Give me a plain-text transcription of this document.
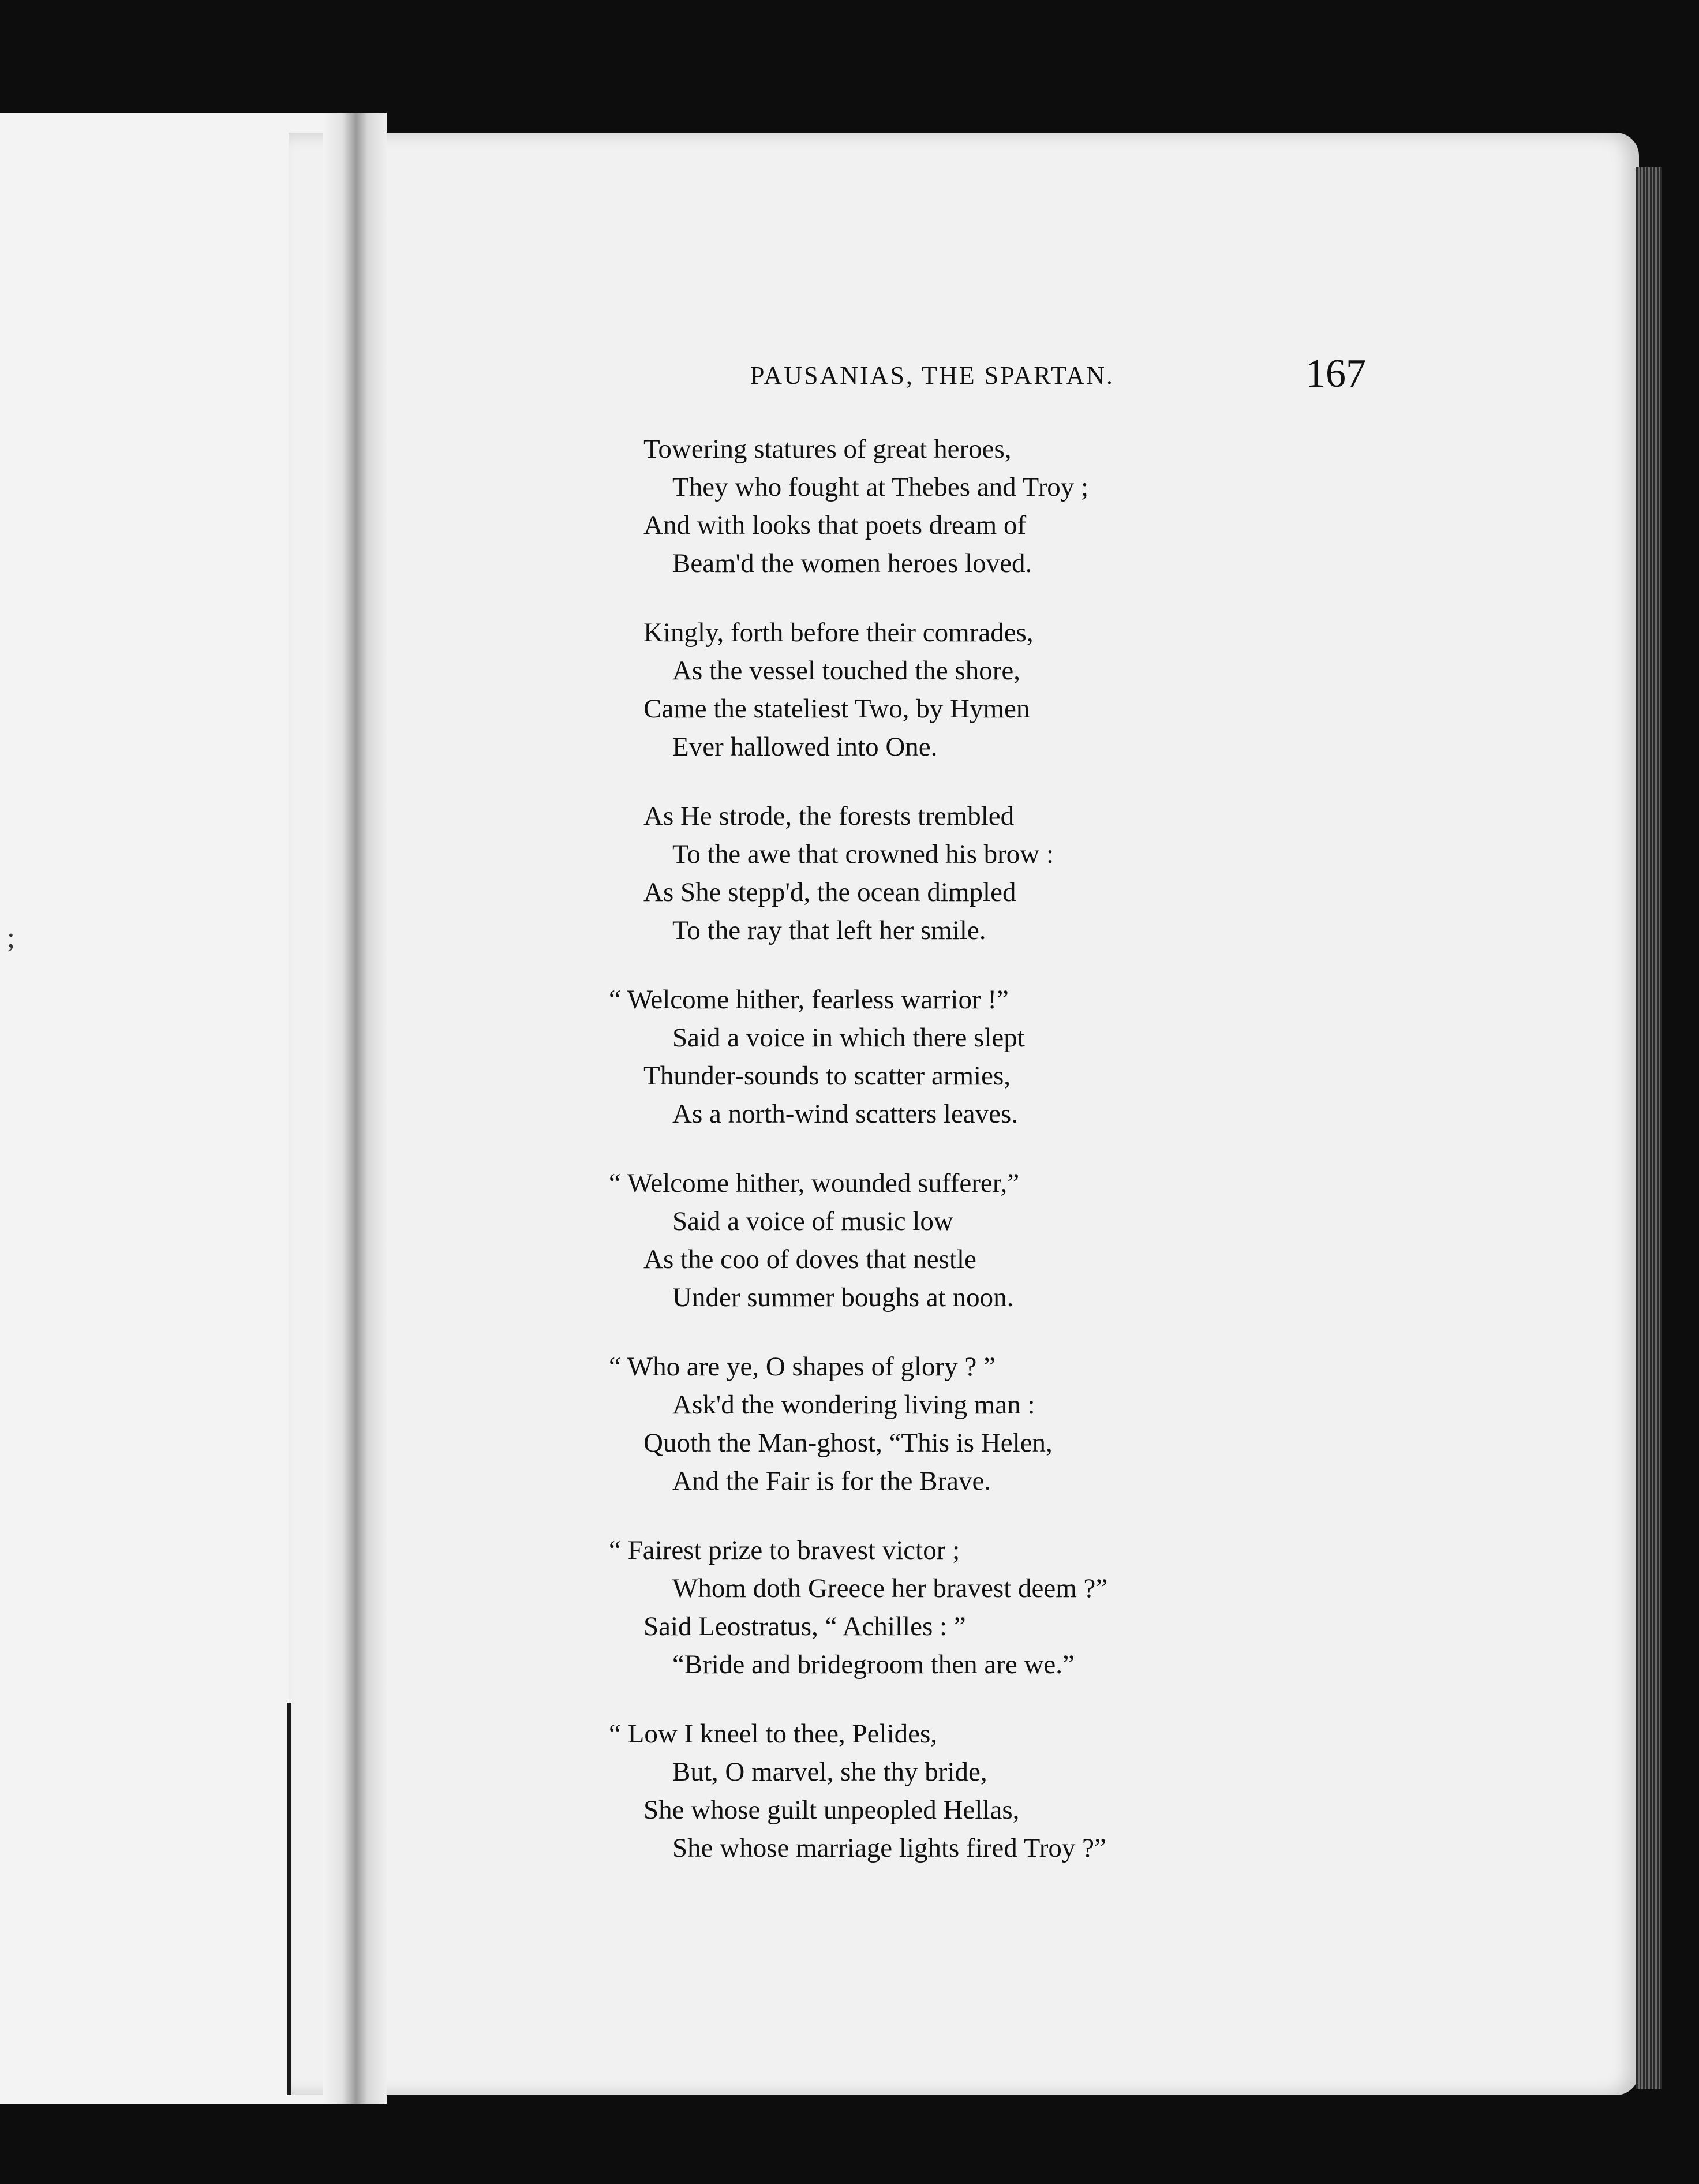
;
PAUSANIAS, THE SPARTAN.	167
Towering statures of great heroes,
They who fought at Thebes and Troy ;
And with looks that poets dream of
Beam'd the women heroes loved.
Kingly, forth before their comrades,
As the vessel touched the shore,
Came the stateliest Two, by Hymen
Ever hallowed into One.
As He strode, the forests trembled
To the awe that crowned his brow :
As She stepp'd, the ocean dimpled
To the ray that left her smile.
“ Welcome hither, fearless warrior !”
Said a voice in which there slept
Thunder-sounds to scatter armies,
As a north-wind scatters leaves.
“ Welcome hither, wounded sufferer,”
Said a voice of music low
As the coo of doves that nestle
Under summer boughs at noon.
“ Who are ye, O shapes of glory ? ”
Ask'd the wondering living man :
Quoth the Man-ghost, “This is Helen,
And the Fair is for the Brave.
“ Fairest prize to bravest victor ;
Whom doth Greece her bravest deem ?”
Said Leostratus, “ Achilles : ”
“Bride and bridegroom then are we.”
“ Low I kneel to thee, Pelides,
But, O marvel, she thy bride,
She whose guilt unpeopled Hellas,
She whose marriage lights fired Troy ?”
